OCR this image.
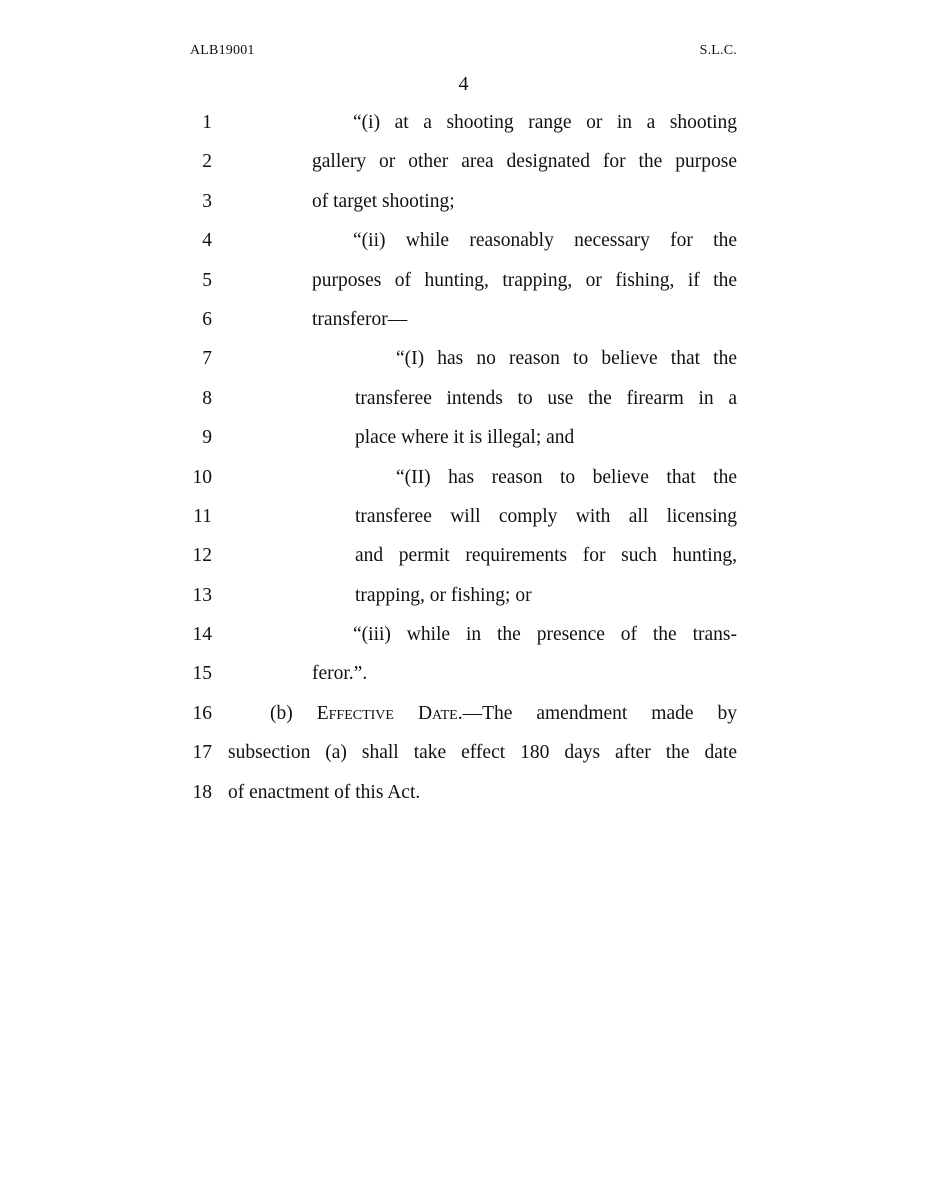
ALB19001	S.L.C.
4
1	“(i) at a shooting range or in a shooting
2	gallery or other area designated for the purpose
3	of target shooting;
4	“(ii) while reasonably necessary for the
5	purposes of hunting, trapping, or fishing, if the
6	transferor—
7	“(I) has no reason to believe that the
8	transferee intends to use the firearm in a
9	place where it is illegal; and
10	“(II) has reason to believe that the
11	transferee will comply with all licensing
12	and permit requirements for such hunting,
13	trapping, or fishing; or
14	“(iii) while in the presence of the trans-
15	feror.”.
16	(b) Effective Date.—The amendment made by
17 subsection (a) shall take effect 180 days after the date
18 of enactment of this Act.
